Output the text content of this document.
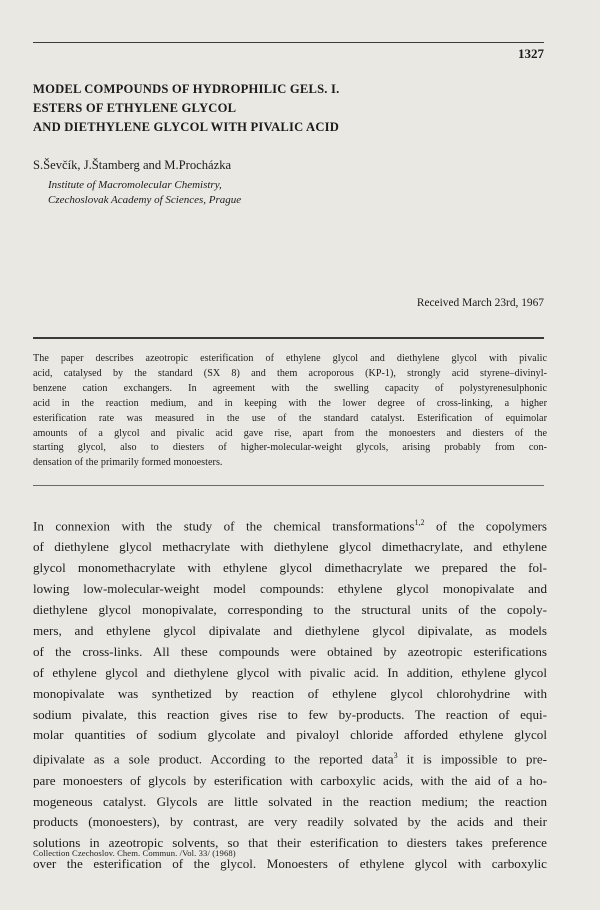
1327
MODEL COMPOUNDS OF HYDROPHILIC GELS. I.
ESTERS OF ETHYLENE GLYCOL
AND DIETHYLENE GLYCOL WITH PIVALIC ACID
S.Ševčík, J.Štamberg and M.Procházka
Institute of Macromolecular Chemistry,
Czechoslovak Academy of Sciences, Prague
Received March 23rd, 1967
The paper describes azeotropic esterification of ethylene glycol and diethylene glycol with pivalic
acid, catalysed by the standard (SX 8) and them acroporous (KP-1), strongly acid styrene–divinyl-
benzene cation exchangers. In agreement with the swelling capacity of polystyrenesulphonic
acid in the reaction medium, and in keeping with the lower degree of cross-linking, a higher
esterification rate was measured in the use of the standard catalyst. Esterification of equimolar
amounts of a glycol and pivalic acid gave rise, apart from the monoesters and diesters of the
starting glycol, also to diesters of higher-molecular-weight glycols, arising probably from con-
densation of the primarily formed monoesters.
In connexion with the study of the chemical transformations$^{1,2}$ of the copolymers
of diethylene glycol methacrylate with diethylene glycol dimethacrylate, and ethylene
glycol monomethacrylate with ethylene glycol dimethacrylate we prepared the fol-
lowing low-molecular-weight model compounds: ethylene glycol monopivalate and
diethylene glycol monopivalate, corresponding to the structural units of the copoly-
mers, and ethylene glycol dipivalate and diethylene glycol dipivalate, as models
of the cross-links. All these compounds were obtained by azeotropic esterifications
of ethylene glycol and diethylene glycol with pivalic acid. In addition, ethylene glycol
monopivalate was synthetized by reaction of ethylene glycol chlorohydrine with
sodium pivalate, this reaction gives rise to few by-products. The reaction of equi-
molar quantities of sodium glycolate and pivaloyl chloride afforded ethylene glycol
dipivalate as a sole product. According to the reported data$^3$ it is impossible to pre-
pare monoesters of glycols by esterification with carboxylic acids, with the aid of a ho-
mogeneous catalyst. Glycols are little solvated in the reaction medium; the reaction
products (monoesters), by contrast, are very readily solvated by the acids and their
solutions in azeotropic solvents, so that their esterification to diesters takes preference
over the esterification of the glycol. Monoesters of ethylene glycol with carboxylic
Collection Czechoslov. Chem. Commun. /Vol. 33/ (1968)
